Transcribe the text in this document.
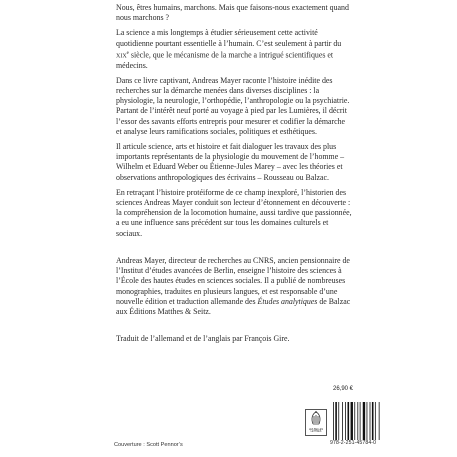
Nous, êtres humains, marchons. Mais que faisons-nous exactement quand nous marchons ?

La science a mis longtemps à étudier sérieusement cette activité quotidienne pourtant essentielle à l’humain. C’est seulement à partir du xix$^e$ siècle, que le mécanisme de la marche a intrigué scientifiques et médecins.

Dans ce livre captivant, Andreas Mayer raconte l’histoire inédite des recherches sur la démarche menées dans diverses disciplines : la physiologie, la neurologie, l’orthopédie, l’anthropologie ou la psychiatrie. Partant de l’intérêt neuf porté au voyage à pied par les Lumières, il décrit l’essor des savants efforts entrepris pour mesurer et codifier la démarche et analyse leurs ramifications sociales, politiques et esthétiques.

Il articule science, arts et histoire et fait dialoguer les travaux des plus importants représentants de la physiologie du mouvement de l’homme – Wilhelm et Eduard Weber ou Étienne-Jules Marey – avec les théories et observations anthropologiques des écrivains – Rousseau ou Balzac.

En retraçant l’histoire protéiforme de ce champ inexploré, l’historien des sciences Andreas Mayer conduit son lecteur d’étonnement en découverte : la compréhension de la locomotion humaine, aussi tardive que passionnée, a eu une influence sans précédent sur tous les domaines culturels et sociaux.

Andreas Mayer, directeur de recherches au CNRS, ancien pensionnaire de l’Institut d’études avancées de Berlin, enseigne l’histoire des sciences à l’École des hautes études en sciences sociales. Il a publié de nombreuses monographies, traduites en plusieurs langues, et est responsable d’une nouvelle édition et traduction allemande des Études analytiques de Balzac aux Éditions Matthes & Seitz.

Traduit de l’allemand et de l’anglais par François Gire.

26,90 €
LES BELLES LETTRES
978-2-251-45784-0
Couverture : Scott Pennor’s
